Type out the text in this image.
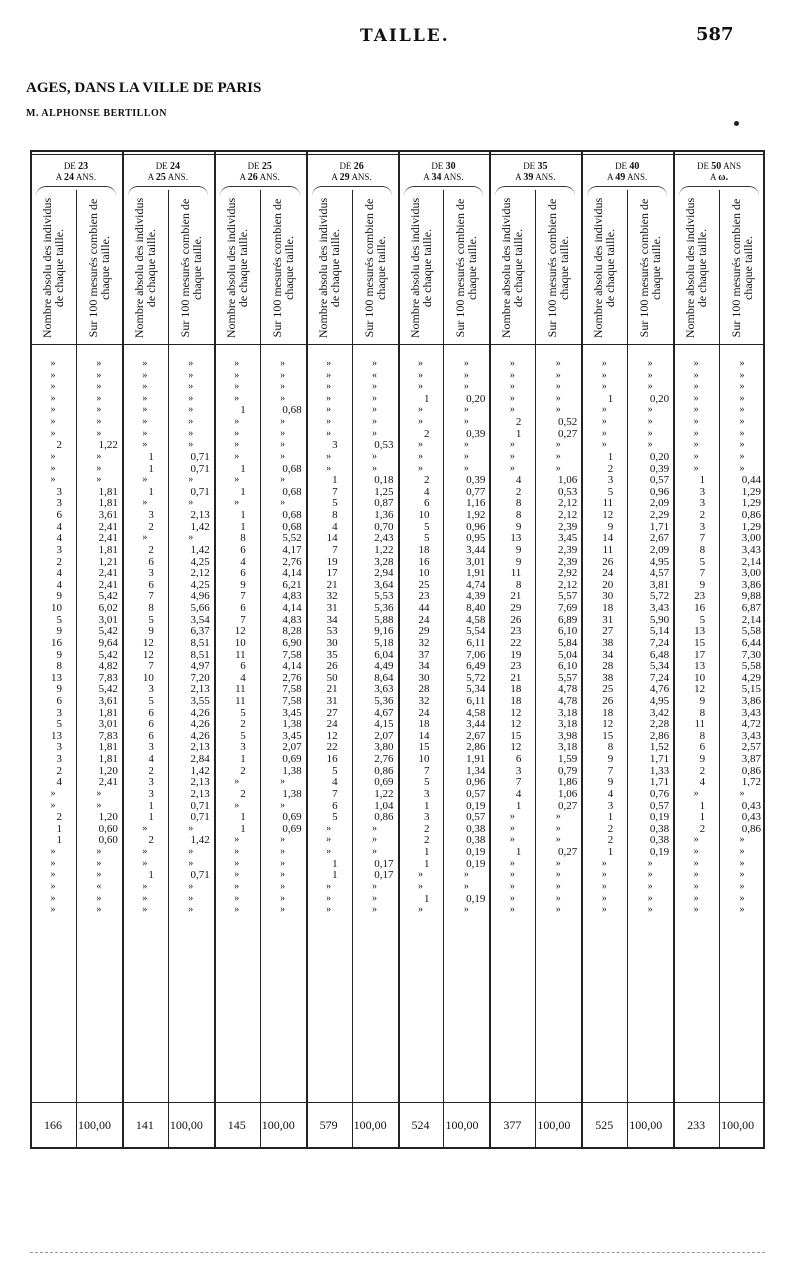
TAILLE.	587
AGES, DANS LA VILLE DE PARIS
M. ALPHONSE BERTILLON
DE 23
A 24 ANS.
DE 24
A 25 ANS.
DE 25
A 26 ANS.
DE 26
A 29 ANS.
DE 30
A 34 ANS.
DE 35
A 39 ANS.
DE 40
A 49 ANS.
DE 50 ANS
A ω.
Nombre absolu des individus de chaque taille.	Sur 100 mesurés combien de chaque taille.	Nombre absolu des individus de chaque taille.	Sur 100 mesurés combien de chaque taille.	Nombre absolu des individus de chaque taille.	Sur 100 mesurés combien de chaque taille.	Nombre absolu des individus de chaque taille.	Sur 100 mesurés combien de chaque taille.	Nombre absolu des individus de chaque taille.	Sur 100 mesurés combien de chaque taille.	Nombre absolu des individus de chaque taille.	Sur 100 mesurés combien de chaque taille.	Nombre absolu des individus de chaque taille.	Sur 100 mesurés combien de chaque taille.	Nombre absolu des individus de chaque taille.	Sur 100 mesurés combien de chaque taille.
»	»	»	»	»	»	»	»	»	»	»	»	»	»	»	»
»	»	»	»	»	»	»	«	»	»	»	»	»	»	»	»
»	»	»	»	»	»	»	»	»	»	»	»	»	»	»	»
»	»	»	»	»	»	»	»	1	0,20	»	»	1	0,20	»	»
»	»	»	»	1	0,68	»	»	»	»	»	»	»	»	»	»
»	»	»	»	»	»	»	»	»	»	2	0,52	»	»	»	»
»	»	»	»	»	»	»	»	2	0,39	1	0,27	»	»	»	»
2	1,22	»	»	»	»	3	0,53	»	»	»	»	»	»	»	»
»	»	1	0,71	»	»	»	»	»	»	»	»	1	0,20	»	»
»	»	1	0,71	1	0,68	»	»	»	»	»	»	2	0,39	»	»
»	»	»	»	»	»	1	0,18	2	0,39	4	1,06	3	0,57	1	0,44
3	1,81	1	0,71	1	0,68	7	1,25	4	0,77	2	0,53	5	0,96	3	1,29
3	1,81	»	»	»	»	5	0,87	6	1,16	8	2,12	11	2,09	3	1,29
6	3,61	3	2,13	1	0,68	8	1,36	10	1,92	8	2,12	12	2,29	2	0,86
4	2,41	2	1,42	1	0,68	4	0,70	5	0,96	9	2,39	9	1,71	3	1,29
4	2,41	»	»	8	5,52	14	2,43	5	0,95	13	3,45	14	2,67	7	3,00
3	1,81	2	1,42	6	4,17	7	1,22	18	3,44	9	2,39	11	2,09	8	3,43
2	1,21	6	4,25	4	2,76	19	3,28	16	3,01	9	2,39	26	4,95	5	2,14
4	2,41	3	2,12	6	4,14	17	2,94	10	1,91	11	2,92	24	4,57	7	3,00
4	2,41	6	4,25	9	6,21	21	3,64	25	4,74	8	2,12	20	3,81	9	3,86
9	5,42	7	4,96	7	4,83	32	5,53	23	4,39	21	5,57	30	5,72	23	9,88
10	6,02	8	5,66	6	4,14	31	5,36	44	8,40	29	7,69	18	3,43	16	6,87
5	3,01	5	3,54	7	4,83	34	5,88	24	4,58	26	6,89	31	5,90	5	2,14
9	5,42	9	6,37	12	8,28	53	9,16	29	5,54	23	6,10	27	5,14	13	5,58
16	9,64	12	8,51	10	6,90	30	5,18	32	6,11	22	5,84	38	7,24	15	6,44
9	5,42	12	8,51	11	7,58	35	6,04	37	7,06	19	5,04	34	6,48	17	7,30
8	4,82	7	4,97	6	4,14	26	4,49	34	6,49	23	6,10	28	5,34	13	5,58
13	7,83	10	7,20	4	2,76	50	8,64	30	5,72	21	5,57	38	7,24	10	4,29
9	5,42	3	2,13	11	7,58	21	3,63	28	5,34	18	4,78	25	4,76	12	5,15
6	3,61	5	3,55	11	7,58	31	5,36	32	6,11	18	4,78	26	4,95	9	3,86
3	1,81	6	4,26	5	3,45	27	4,67	24	4,58	12	3,18	18	3,42	8	3,43
5	3,01	6	4,26	2	1,38	24	4,15	18	3,44	12	3,18	12	2,28	11	4,72
13	7,83	6	4,26	5	3,45	12	2,07	14	2,67	15	3,98	15	2,86	8	3,43
3	1,81	3	2,13	3	2,07	22	3,80	15	2,86	12	3,18	8	1,52	6	2,57
3	1,81	4	2,84	1	0,69	16	2,76	10	1,91	6	1,59	9	1,71	9	3,87
2	1,20	2	1,42	2	1,38	5	0,86	7	1,34	3	0,79	7	1,33	2	0,86
4	2,41	3	2,13	»	»	4	0,69	5	0,96	7	1,86	9	1,71	4	1,72
»	»	3	2,13	2	1,38	7	1,22	3	0,57	4	1,06	4	0,76	»	»
»	»	1	0,71	»	»	6	1,04	1	0,19	1	0,27	3	0,57	1	0,43
2	1,20	1	0,71	1	0,69	5	0,86	3	0,57	»	»	1	0,19	1	0,43
1	0,60	»	»	1	0,69	»	»	2	0,38	»	»	2	0,38	2	0,86
1	0,60	2	1,42	»	»	»	»	2	0,38	»	»	2	0,38	»	»
»	»	»	»	»	»	»	»	1	0,19	1	0,27	1	0,19	»	»
»	»	»	»	»	»	1	0,17	1	0,19	»	»	»	»	»	»
»	»	1	0,71	»	»	1	0,17	»	»	»	»	»	»	»	»
»	«	»	»	»	»	»	»	»	»	»	»	»	»	»	»
»	»	»	»	»	»	»	»	1	0,19	»	»	»	»	»	»
»	»	»	»	»	»	»	»	»	»	»	»	»	»	»	»
166 100,00 141 100,00 145 100,00 579 100,00 524 100,00 377 100,00 525 100,00 233 100,00
